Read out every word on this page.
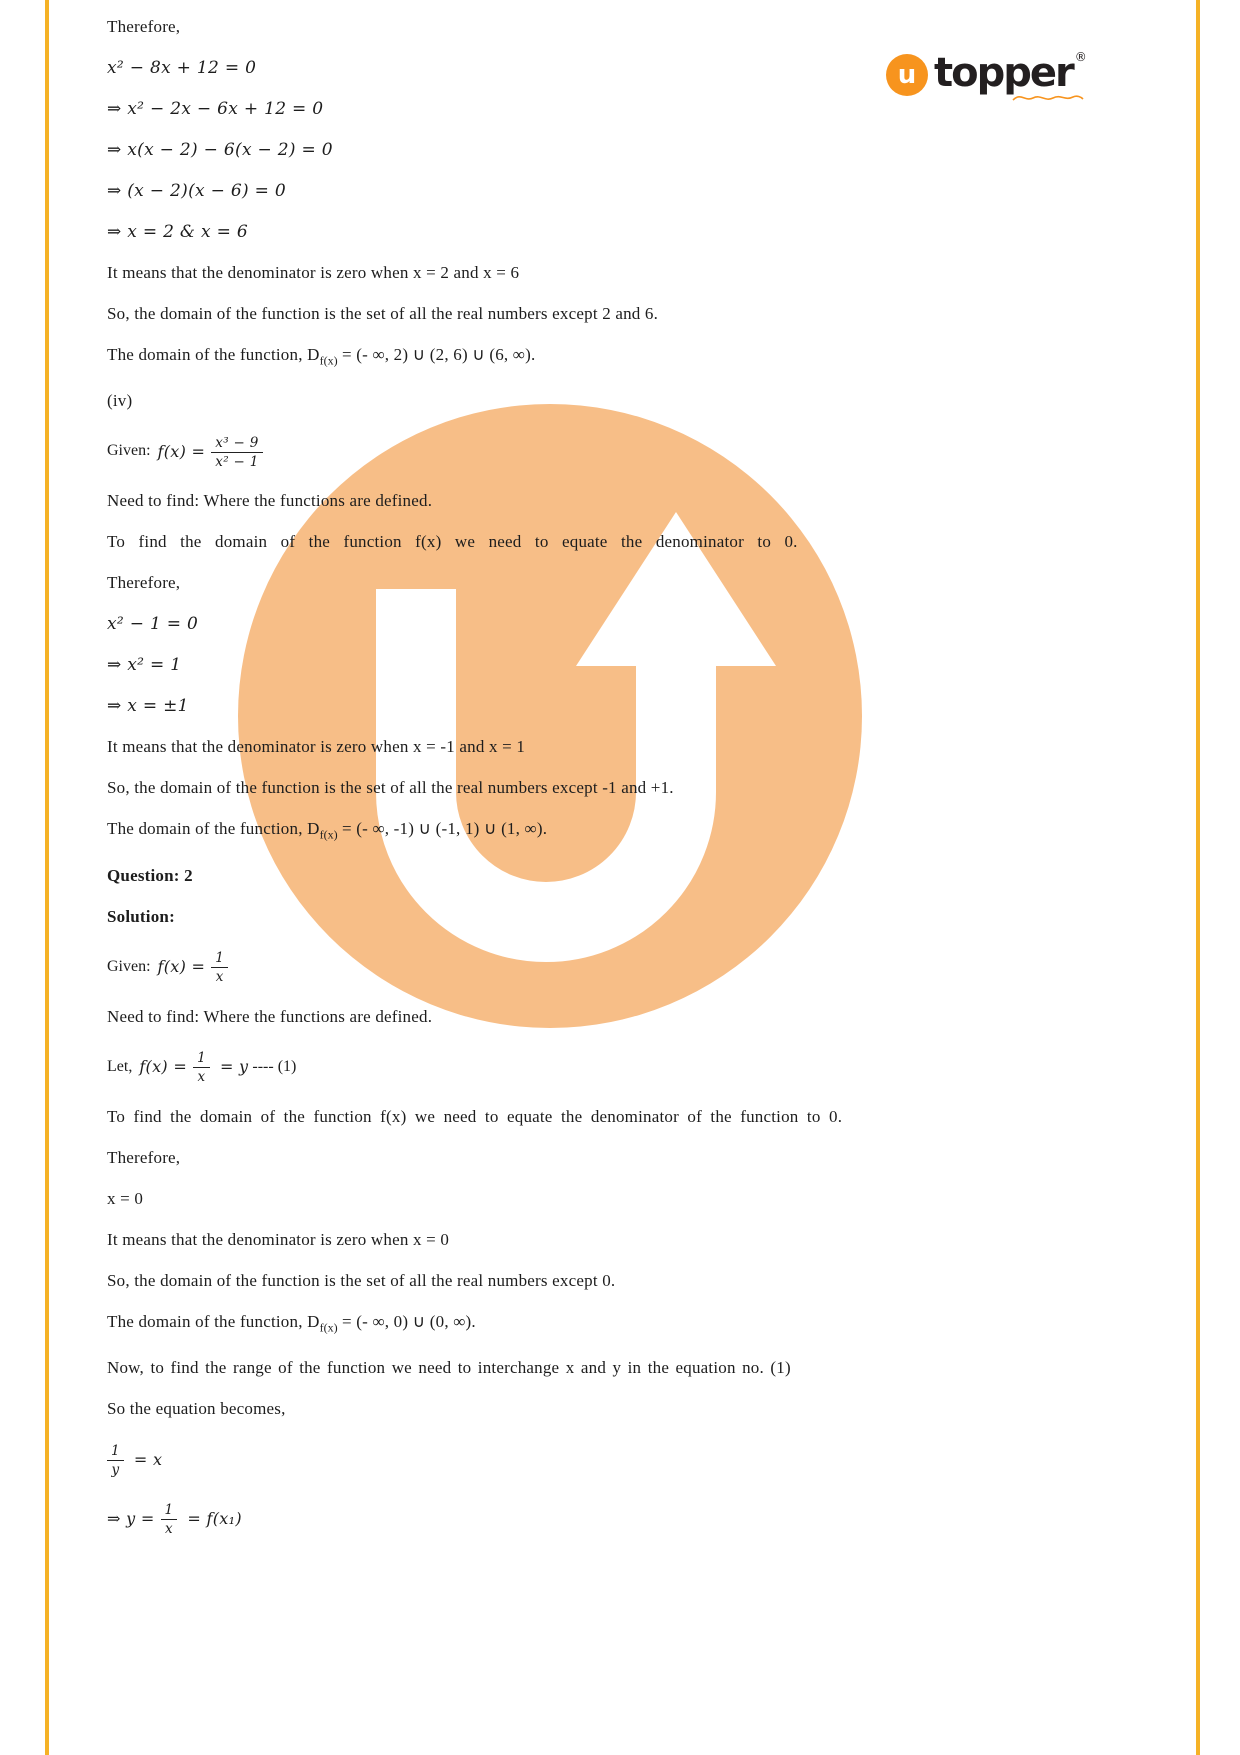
u topper ®

Therefore,

x² − 8x + 12 = 0

⇒ x² − 2x − 6x + 12 = 0

⇒ x(x − 2) − 6(x − 2) = 0

⇒ (x − 2)(x − 6) = 0

⇒ x = 2 & x = 6

It means that the denominator is zero when x = 2 and x = 6

So, the domain of the function is the set of all the real numbers except 2 and 6.

The domain of the function, $D_{f(x)}$ = (- ∞, 2) ∪ (2, 6) ∪ (6, ∞).

(iv)

Given: $f(x) = \frac{\text{x³ − 9}}{\text{x² − 1}}$

Need to find: Where the functions are defined.

To find the domain of the function f(x) we need to equate the denominator to 0.

Therefore,

x² − 1 = 0

⇒ x² = 1

⇒ x = ±1

It means that the denominator is zero when x = -1 and x = 1

So, the domain of the function is the set of all the real numbers except -1 and +1.

The domain of the function, $D_{f(x)}$ = (- ∞, -1) ∪ (-1, 1) ∪ (1, ∞).

Question: 2

Solution:

Given: $f(x) = \frac{1}{x}$

Need to find: Where the functions are defined.

Let, $f(x) = \frac{1}{x} = y$ ---- (1)

To find the domain of the function f(x) we need to equate the denominator of the function to 0.

Therefore,

x = 0

It means that the denominator is zero when x = 0

So, the domain of the function is the set of all the real numbers except 0.

The domain of the function, $D_{f(x)}$ = (- ∞, 0) ∪ (0, ∞).

Now, to find the range of the function we need to interchange x and y in the equation no. (1)

So the equation becomes,

$\frac{1}{y} = x$
⇒ $y = \frac{1}{x} = f(x_1)$
